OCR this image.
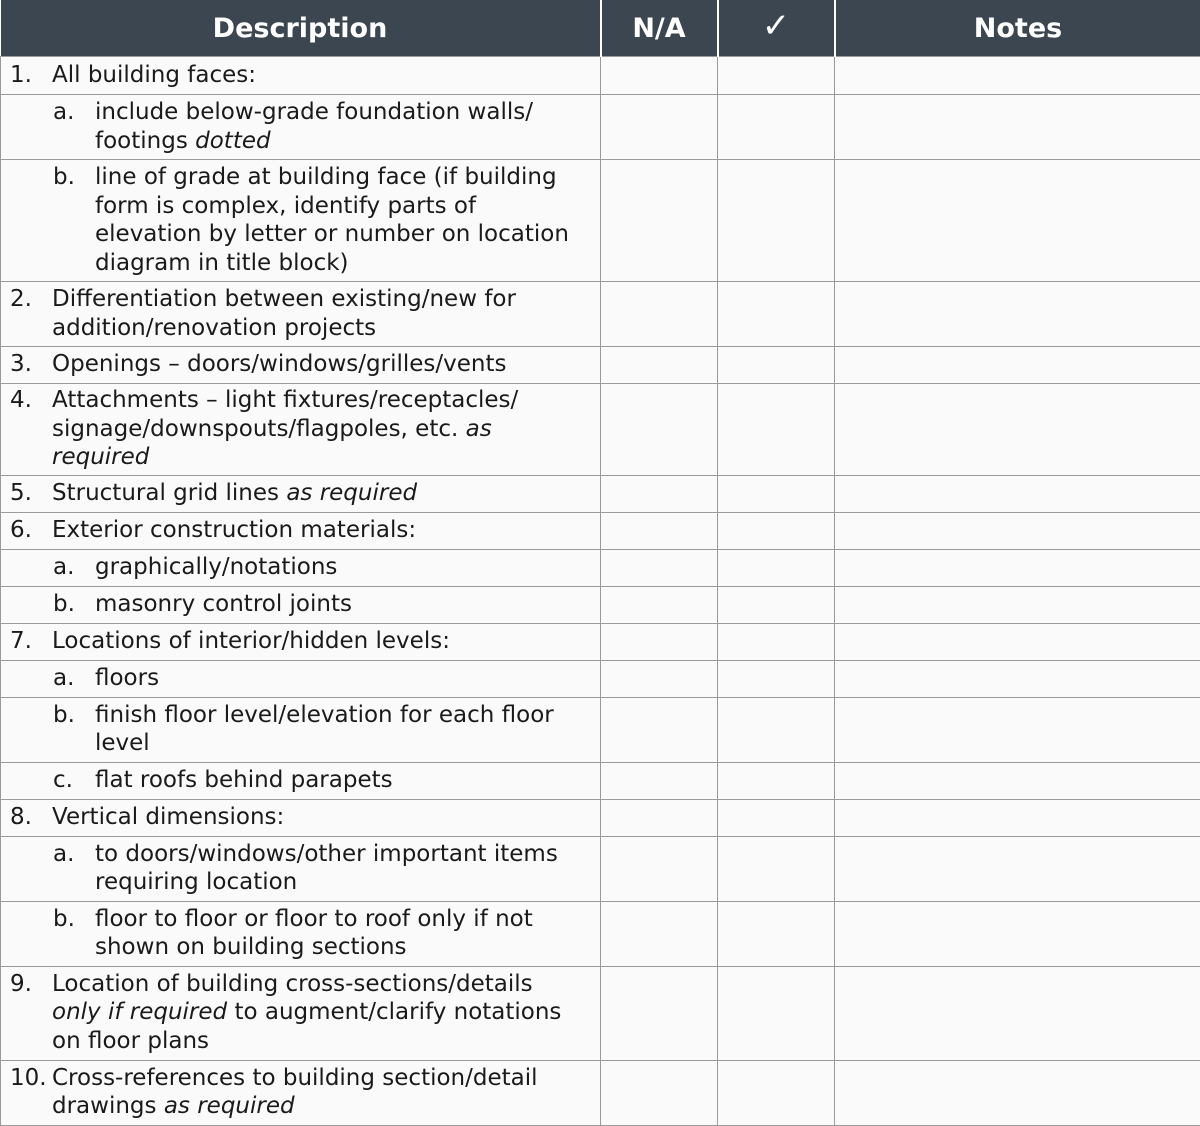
Description	N/A	✓	Notes

1. All building faces:			

a. include below-grade foundation walls/ footings dotted			

b. line of grade at building face (if building form is complex, identify parts of elevation by letter or number on location diagram in title block)			

2. Differentiation between existing/new for addition/renovation projects			

3. Openings – doors/windows/grilles/vents			

4. Attachments – light fixtures/receptacles/ signage/downspouts/flagpoles, etc. as required			

5. Structural grid lines as required			

6. Exterior construction materials:			

a. graphically/notations			

b. masonry control joints			

7. Locations of interior/hidden levels:			

a. floors			

b. finish floor level/elevation for each floor level			

c. flat roofs behind parapets			

8. Vertical dimensions:			

a. to doors/windows/other important items requiring location			

b. floor to floor or floor to roof only if not shown on building sections			

9. Location of building cross-sections/details only if required to augment/clarify notations on floor plans			

10. Cross-references to building section/detail drawings as required			
